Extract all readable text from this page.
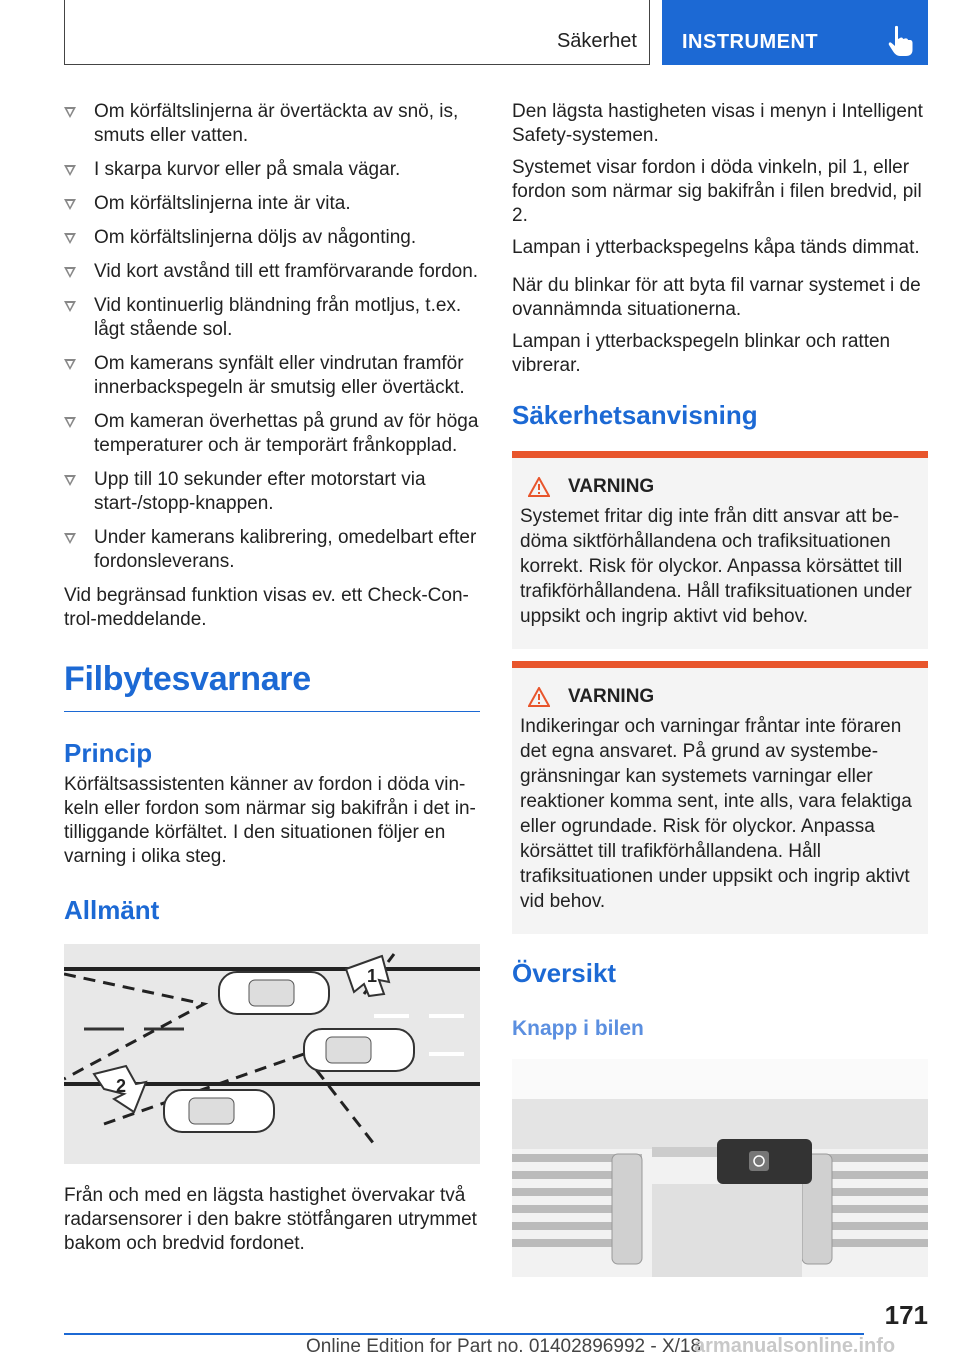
Säkerhet INSTRUMENT
Om körfältslinjerna är övertäckta av snö, is, smuts eller vatten.
I skarpa kurvor eller på smala vägar.
Om körfältslinjerna inte är vita.
Om körfältslinjerna döljs av någonting.
Vid kort avstånd till ett framförvarande fordon.
Vid kontinuerlig bländning från motljus, t.ex. lågt stående sol.
Om kamerans synfält eller vindrutan framför innerbackspegeln är smutsig eller övertäckt.
Om kameran överhettas på grund av för höga temperaturer och är temporärt frånkopplad.
Upp till 10 sekunder efter motorstart via start-/stopp-knappen.
Under kamerans kalibrering, omedelbart efter fordonsleverans.

Vid begränsad funktion visas ev. ett Check-Control-meddelande.

Filbytesvarnare
Princip

Körfältsassistenten känner av fordon i döda vinkeln eller fordon som närmar sig bakifrån i det intilliggande körfältet. I den situationen följer en varning i olika steg.

Allmänt
1
2

Från och med en lägsta hastighet övervakar två radarsensorer i den bakre stötfångaren utrymmet bakom och bredvid fordonet.

Den lägsta hastigheten visas i menyn i Intelligent Safety-systemen.

Systemet visar fordon i döda vinkeln, pil 1, eller fordon som närmar sig bakifrån i filen bredvid, pil 2.

Lampan i ytterbackspegelns kåpa tänds dimmat.

När du blinkar för att byta fil varnar systemet i de ovannämnda situationerna.

Lampan i ytterbackspegeln blinkar och ratten vibrerar.

Säkerhetsanvisning
VARNING
Systemet fritar dig inte från ditt ansvar att bedöma siktförhållandena och trafiksituationen korrekt. Risk för olyckor. Anpassa körsättet till trafikförhållandena. Håll trafiksituationen under uppsikt och ingrip aktivt vid behov.
VARNING
Indikeringar och varningar fråntar inte föraren det egna ansvaret. På grund av systembegränsningar kan systemets varningar eller reaktioner komma sent, inte alls, vara felaktiga eller ogrundade. Risk för olyckor. Anpassa körsättet till trafikförhållandena. Håll trafiksituationen under uppsikt och ingrip aktivt vid behov.
Översikt
Knapp i bilen
171
Online Edition for Part no. 01402896992 - X/18
armanualsonline.info
